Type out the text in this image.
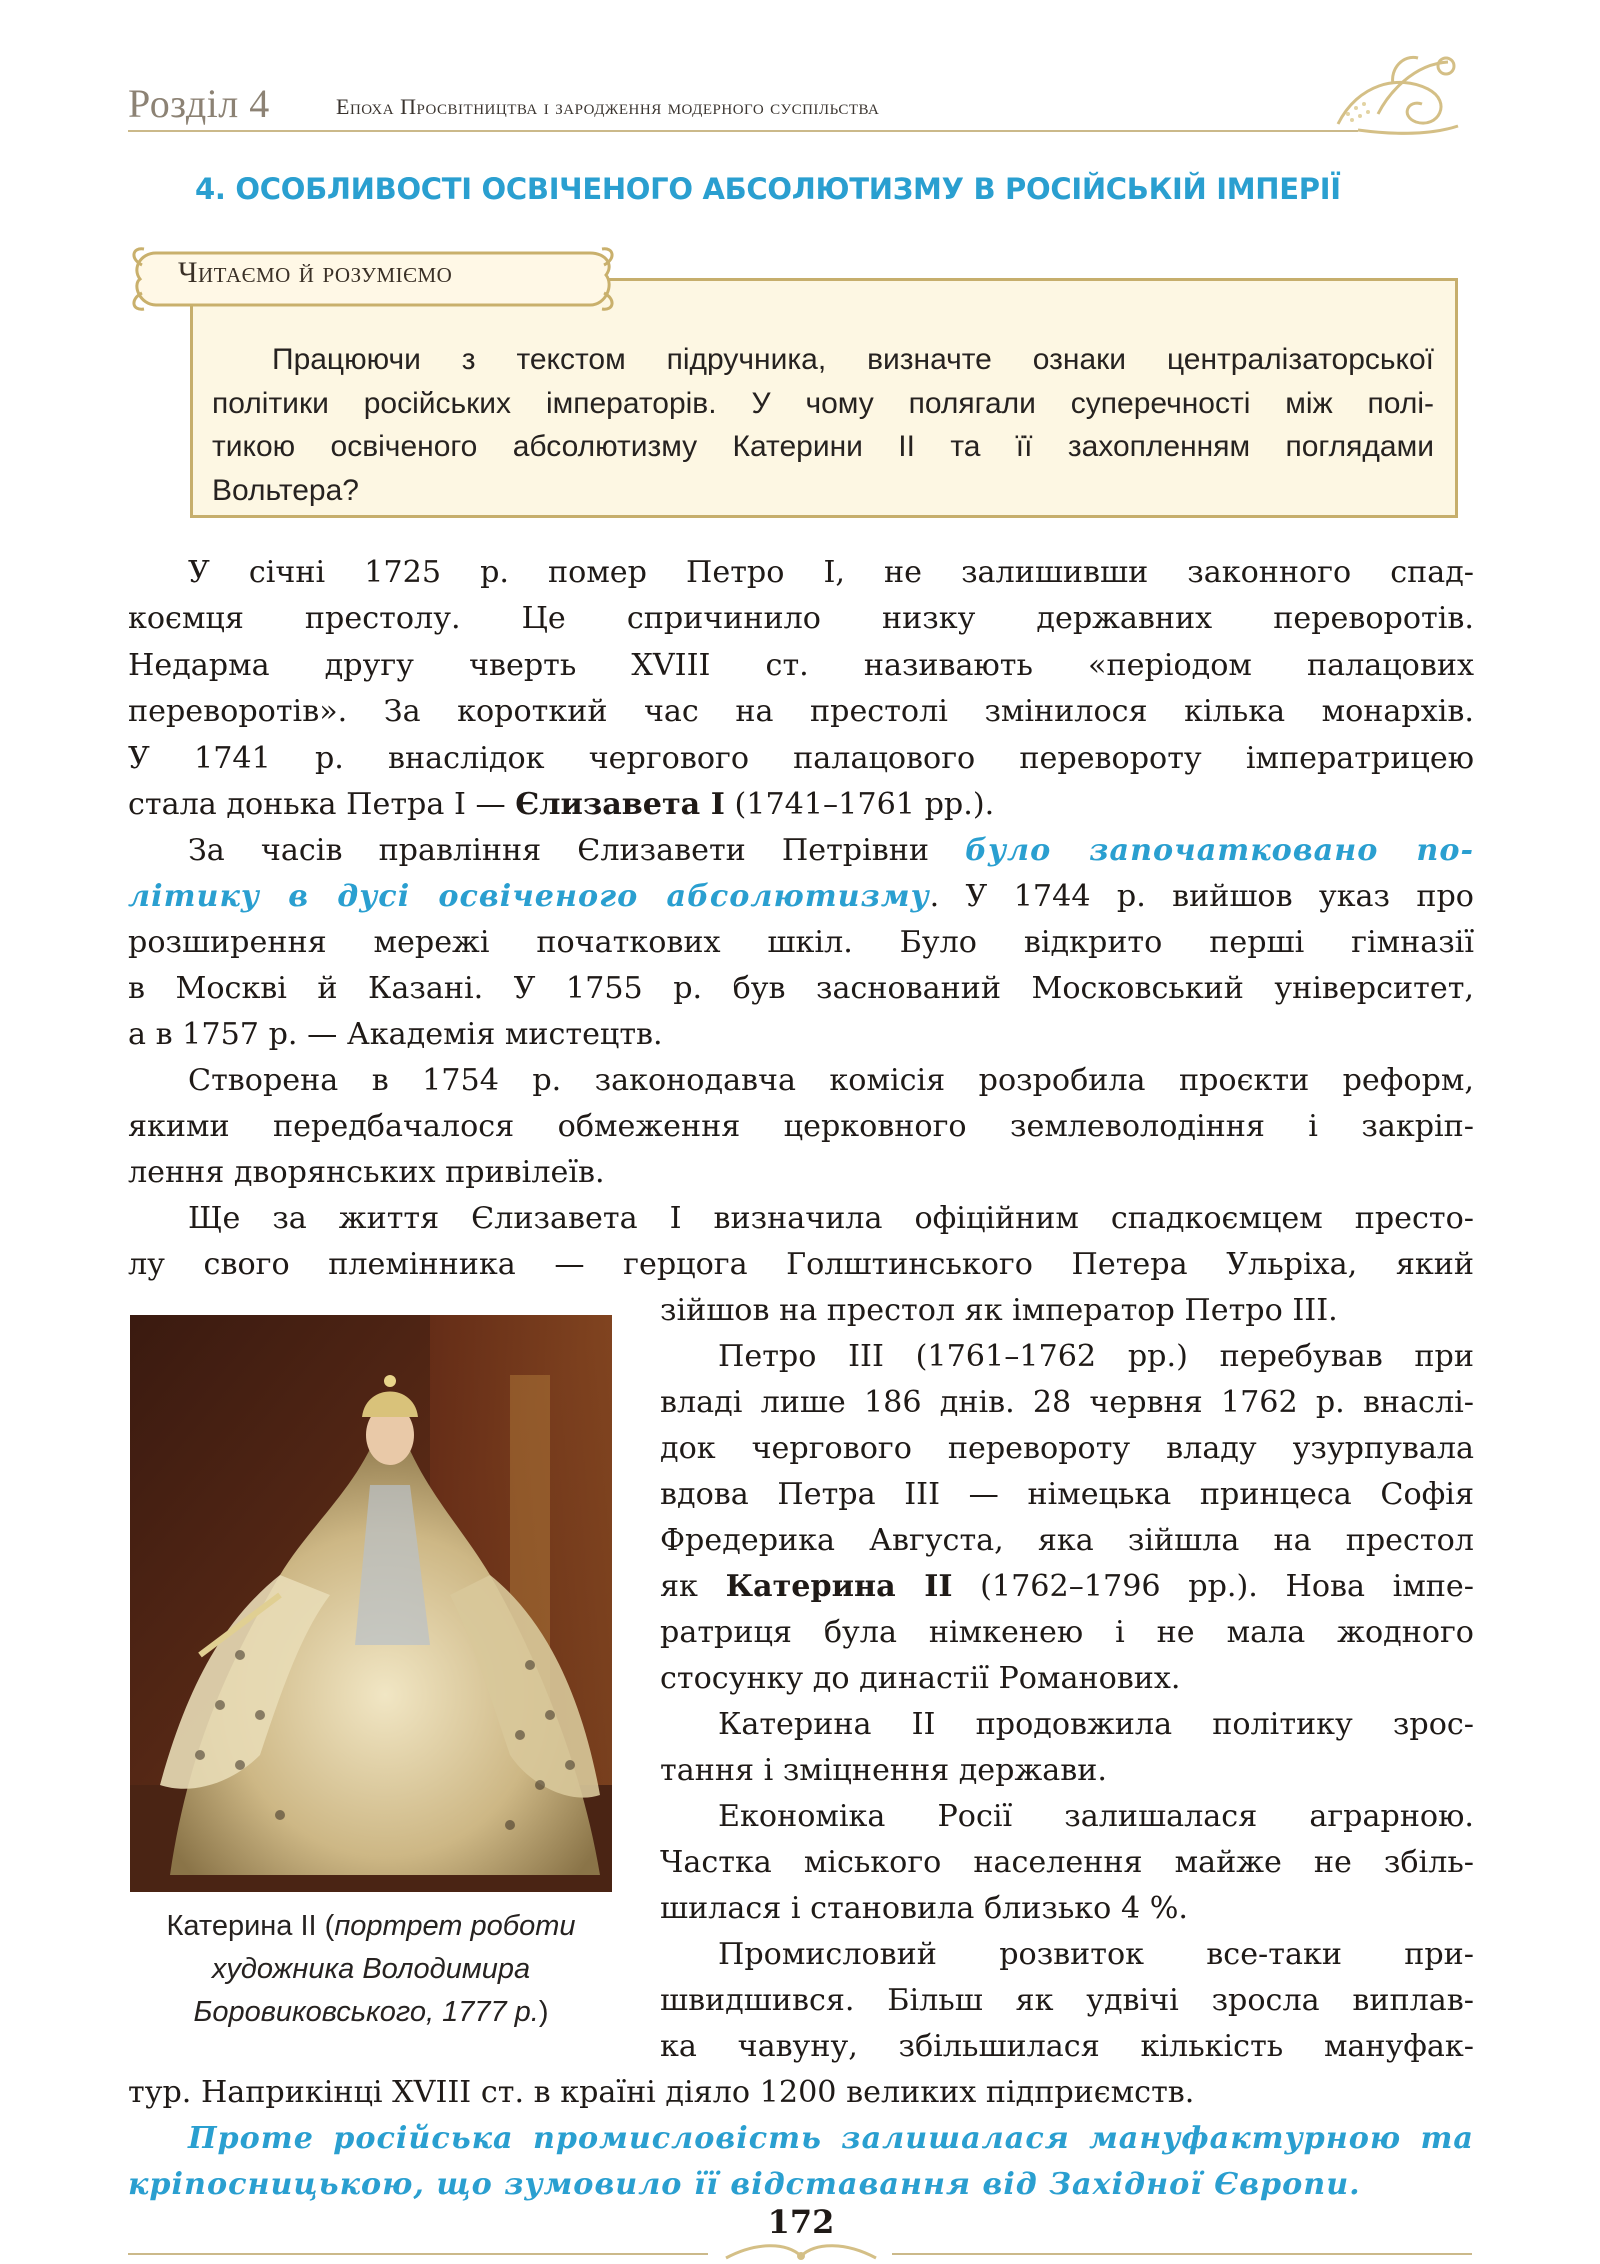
Розділ 4	Епоха Просвітництва і зародження модерного суспільства
4. ОСОБЛИВОСТІ ОСВІЧЕНОГО АБСОЛЮТИЗМУ В РОСІЙСЬКІЙ ІМПЕРІЇ
Читаємо й розуміємо
Працюючи з текстом підручника, визначте ознаки централізаторської
політики російських імператорів. У чому полягали суперечності між полі-
тикою освіченого абсолютизму Катерини ІІ та її захопленням поглядами
Вольтера?
У січні 1725 р. помер Петро І, не залишивши законного спад-
коємця престолу. Це спричинило низку державних переворотів.
Недарма другу чверть XVIII ст. називають «періодом палацових
переворотів». За короткий час на престолі змінилося кілька монархів.
У 1741 р. внаслідок чергового палацового перевороту імператрицею
стала донька Петра І — Єлизавета І (1741–1761 рр.).
За часів правління Єлизавети Петрівни було започатковано по-
літику в дусі освіченого абсолютизму. У 1744 р. вийшов указ про
розширення мережі початкових шкіл. Було відкрито перші гімназії
в Москві й Казані. У 1755 р. був заснований Московський університет,
а в 1757 р. — Академія мистецтв.
Створена в 1754 р. законодавча комісія розробила проєкти реформ,
якими передбачалося обмеження церковного землеволодіння і закріп-
лення дворянських привілеїв.
Ще за життя Єлизавета І визначила офіційним спадкоємцем престо-
лу свого племінника — герцога Голштинського Петера Ульріха, який
зійшов на престол як імператор Петро ІІІ.
Катерина ІІ (портрет роботи художника Володимира Боровиковського, 1777 р.)
Петро ІІІ (1761–1762 рр.) перебував при
владі лише 186 днів. 28 червня 1762 р. внаслі-
док чергового перевороту владу узурпувала
вдова Петра ІІІ — німецька принцеса Софія
Фредерика Августа, яка зійшла на престол
як Катерина ІІ (1762–1796 рр.). Нова імпе-
ратриця була німкенею і не мала жодного
стосунку до династії Романових.
Катерина ІІ продовжила політику зрос-
тання і зміцнення держави.
Економіка Росії залишалася аграрною.
Частка міського населення майже не збіль-
шилася і становила близько 4 %.
Промисловий розвиток все-таки при-
швидшився. Більш як удвічі зросла виплав-
ка чавуну, збільшилася кількість мануфак-
тур. Наприкінці XVIII ст. в країні діяло 1200 великих підприємств.
Проте російська промисловість залишалася мануфактурною та
кріпосницькою, що зумовило її відставання від Західної Європи.
172
